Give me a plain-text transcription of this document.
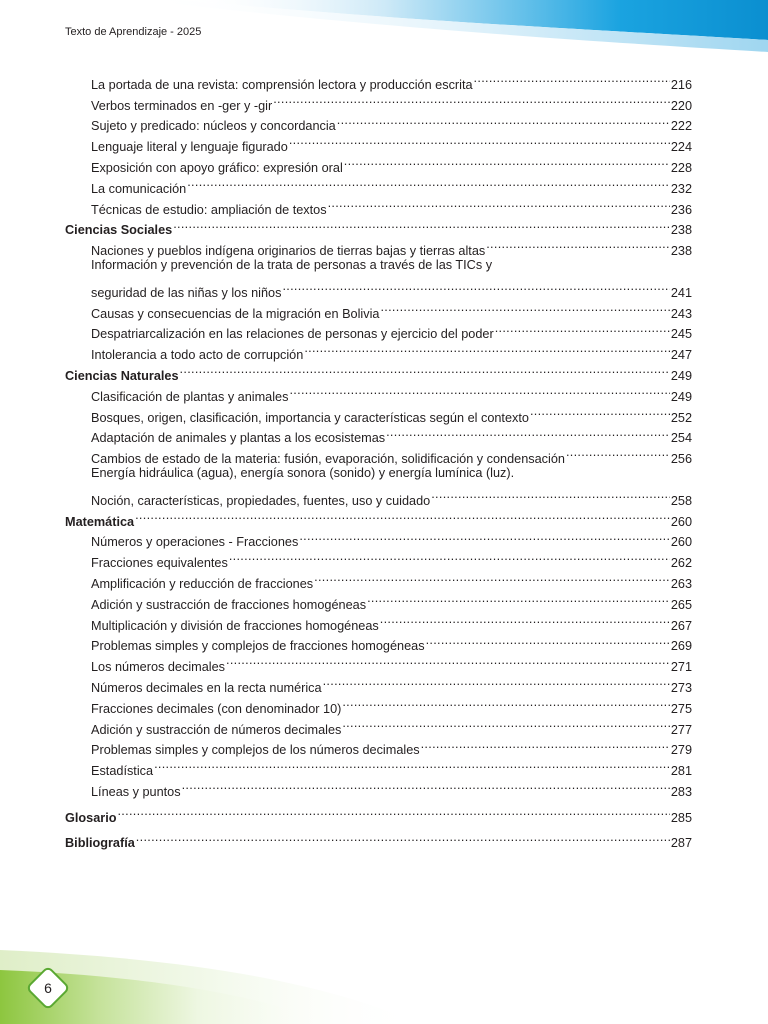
Texto de Aprendizaje - 2025
La portada de una revista: comprensión lectora y producción escrita .....	216
Verbos terminados en -ger y -gir .....	220
Sujeto y predicado: núcleos y concordancia .....	222
Lenguaje literal y lenguaje figurado .....	224
Exposición con apoyo gráfico: expresión oral .....	228
La comunicación .....	232
Técnicas de estudio: ampliación de textos .....	236
Ciencias Sociales .....	238
Naciones y pueblos indígena originarios de tierras bajas y tierras altas .....	238
Información y prevención de la trata de personas a través de las TICs y
seguridad de las niñas y los niños .....	241
Causas y consecuencias de la migración en Bolivia .....	243
Despatriarcalización en las relaciones de personas y ejercicio del poder .....	245
Intolerancia a todo acto de corrupción .....	247
Ciencias Naturales .....	249
Clasificación de plantas y animales .....	249
Bosques, origen, clasificación, importancia y características según el contexto .....	252
Adaptación de animales y plantas a los ecosistemas .....	254
Cambios de estado de la materia: fusión, evaporación, solidificación y condensación .....	256
Energía hidráulica (agua), energía sonora (sonido) y energía lumínica (luz).
Noción, características, propiedades, fuentes, uso y cuidado .....	258
Matemática .....	260
Números y operaciones - Fracciones .....	260
Fracciones equivalentes .....	262
Amplificación y reducción de fracciones .....	263
Adición y sustracción de fracciones homogéneas .....	265
Multiplicación y división de fracciones homogéneas .....	267
Problemas simples y complejos de fracciones homogéneas .....	269
Los números decimales .....	271
Números decimales en la recta numérica .....	273
Fracciones decimales (con denominador 10) .....	275
Adición y sustracción de números decimales .....	277
Problemas simples y complejos de los números decimales .....	279
Estadística .....	281
Líneas y puntos .....	283
Glosario .....	285
Bibliografía .....	287
6
